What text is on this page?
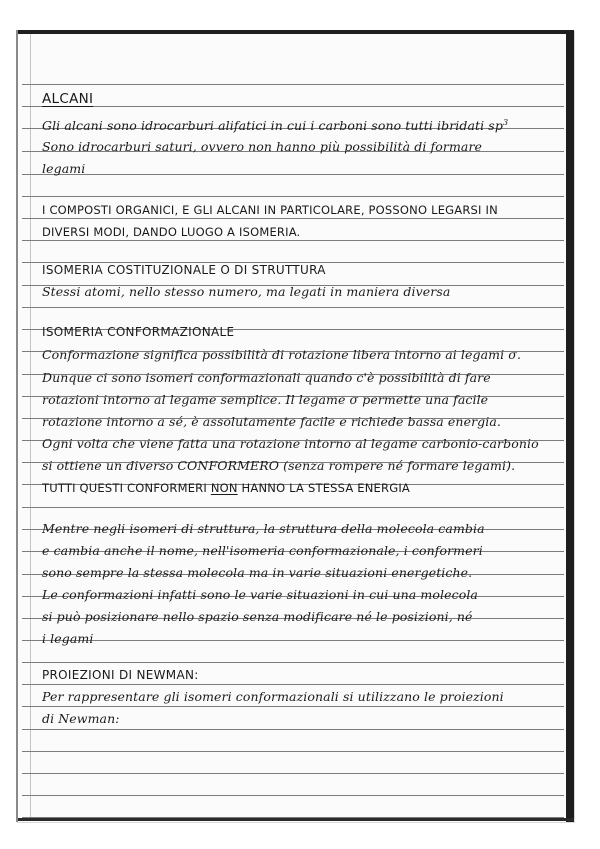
ALCANI

Gli alcani sono idrocarburi alifatici in cui i carboni sono tutti ibridati $sp^3$

Sono idrocarburi saturi, ovvero non hanno più possibilità di formare

legami

I COMPOSTI ORGANICI, E GLI ALCANI IN PARTICOLARE, POSSONO LEGARSI IN

DIVERSI MODI, DANDO LUOGO A ISOMERIA.

ISOMERIA COSTITUZIONALE O DI STRUTTURA

Stessi atomi, nello stesso numero, ma legati in maniera diversa

ISOMERIA CONFORMAZIONALE

Conformazione significa possibilità di rotazione libera intorno ai legami σ.

Dunque ci sono isomeri conformazionali quando c'è possibilità di fare

rotazioni intorno al legame semplice. Il legame σ permette una facile

rotazione intorno a sé, è assolutamente facile e richiede bassa energia.

Ogni volta che viene fatta una rotazione intorno al legame carbonio-carbonio

si ottiene un diverso CONFORMERO (senza rompere né formare legami).

TUTTI QUESTI CONFORMERI NON HANNO LA STESSA ENERGIA

Mentre negli isomeri di struttura, la struttura della molecola cambia

e cambia anche il nome, nell'isomeria conformazionale, i conformeri

sono sempre la stessa molecola ma in varie situazioni energetiche.

Le conformazioni infatti sono le varie situazioni in cui una molecola

si può posizionare nello spazio senza modificare né le posizioni, né

i legami

PROIEZIONI DI NEWMAN:

Per rappresentare gli isomeri conformazionali si utilizzano le proiezioni

di Newman:
